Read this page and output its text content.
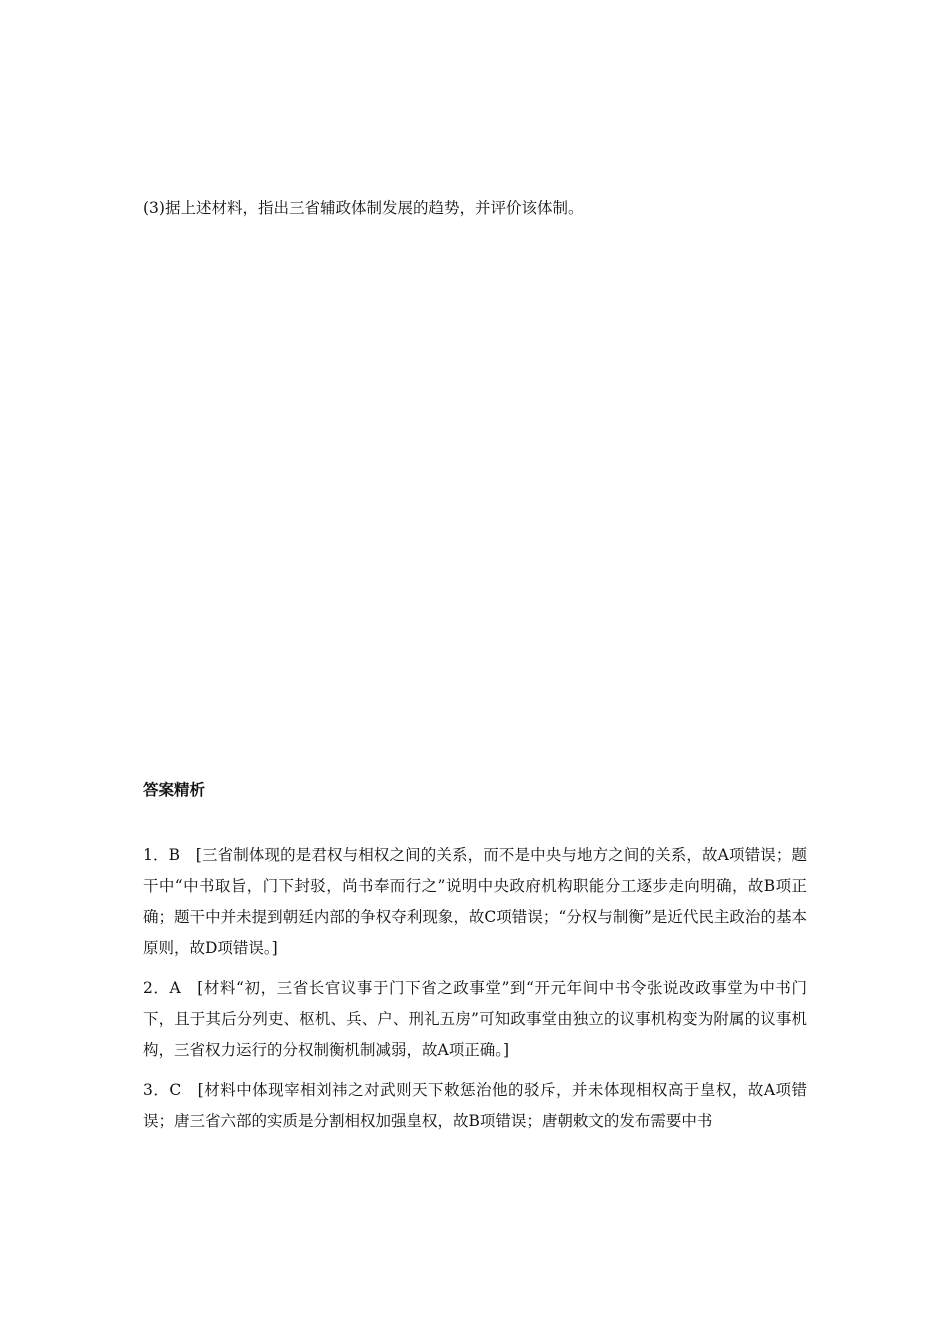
(3)据上述材料，指出三省辅政体制发展的趋势，并评价该体制。
答案精析

1．B　[三省制体现的是君权与相权之间的关系，而不是中央与地方之间的关系，故A项错误；题干中“中书取旨，门下封驳，尚书奉而行之”说明中央政府机构职能分工逐步走向明确，故B项正确；题干中并未提到朝廷内部的争权夺利现象，故C项错误；“分权与制衡”是近代民主政治的基本原则，故D项错误。]

2．A　[材料“初，三省长官议事于门下省之政事堂”到“开元年间中书令张说改政事堂为中书门下，且于其后分列吏、枢机、兵、户、刑礼五房”可知政事堂由独立的议事机构变为附属的议事机构，三省权力运行的分权制衡机制减弱，故A项正确。]

3．C　[材料中体现宰相刘祎之对武则天下敕惩治他的驳斥，并未体现相权高于皇权，故A项错误；唐三省六部的实质是分割相权加强皇权，故B项错误；唐朝敕文的发布需要中书
